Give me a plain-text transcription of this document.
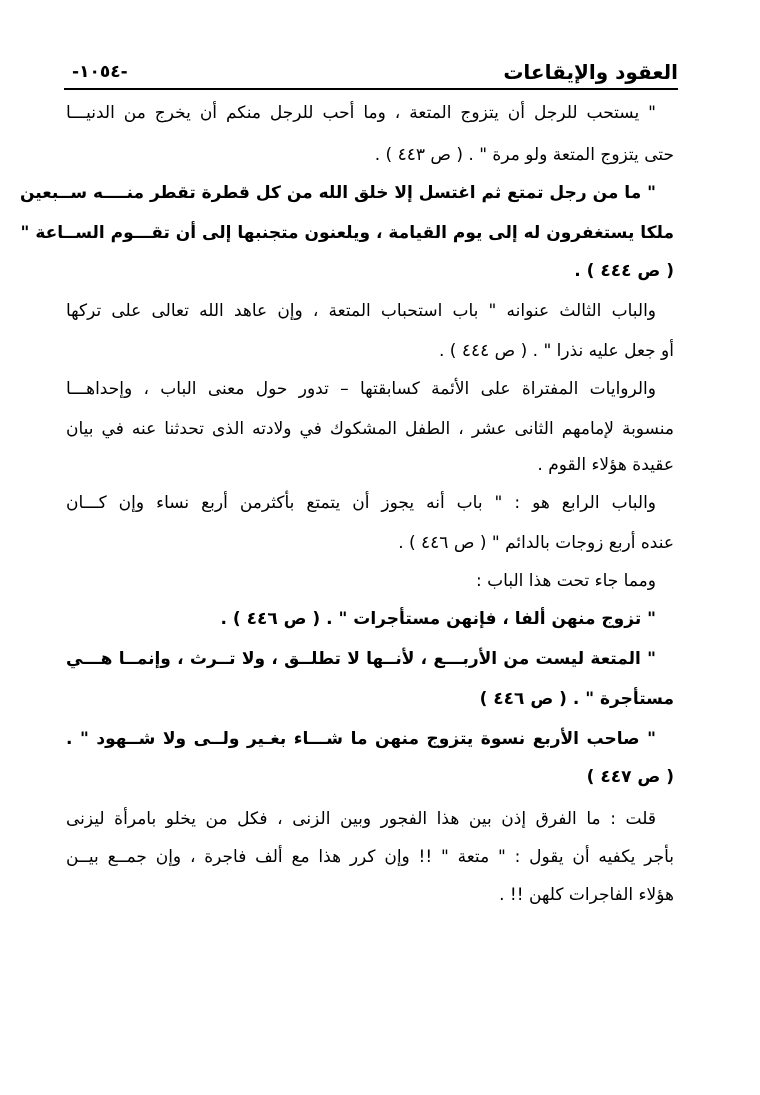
العقود والإيقاعات
-١٠٥٤-
" يستحب للرجل أن يتزوج المتعة ، وما أحب للرجل منكم أن يخرج من الدنيـــا
حتى يتزوج المتعة ولو مرة " . ( ص ٤٤٣ ) .
" ما من رجل تمتع ثم اغتسل إلا خلق الله من كل قطرة تقطر منــــه ســبعين
ملكا يستغفرون له إلى يوم القيامة ، ويلعنون متجنبها إلى أن تقـــوم الســاعة "
( ص ٤٤٤ ) .
والباب الثالث عنوانه " باب استحباب المتعة ، وإن عاهد الله تعالى على تركها
أو جعل عليه نذرا " . ( ص ٤٤٤ ) .
والروايات المفتراة على الأئمة كسابقتها – تدور حول معنى الباب ، وإحداهـــا
منسوبة لإمامهم الثانى عشر ، الطفل المشكوك في ولادته الذى تحدثنا عنه في بيان
عقيدة هؤلاء القوم .
والباب الرابع هو : " باب أنه يجوز أن يتمتع بأكثرمن أربع نساء وإن كـــان
عنده أربع زوجات بالدائم " ( ص ٤٤٦ ) .
ومما جاء تحت هذا الباب :
" تزوج منهن ألفا ، فإنهن مستأجرات " . ( ص ٤٤٦ ) .
" المتعة ليست من الأربـــع ، لأنــها لا تطلــق ، ولا تــرث ، وإنمــا هـــي
مستأجرة " . ( ص ٤٤٦ )
" صاحب الأربع نسوة يتزوج منهن ما شـــاء بغـير ولــى ولا شــهود " .
( ص ٤٤٧ )
قلت : ما الفرق إذن بين هذا الفجور وبين الزنى ، فكل من يخلو بامرأة ليزنى
بأجر يكفيه أن يقول : " متعة " !! وإن كرر هذا مع ألف فاجرة ، وإن جمــع بيــن
هؤلاء الفاجرات كلهن !! .
